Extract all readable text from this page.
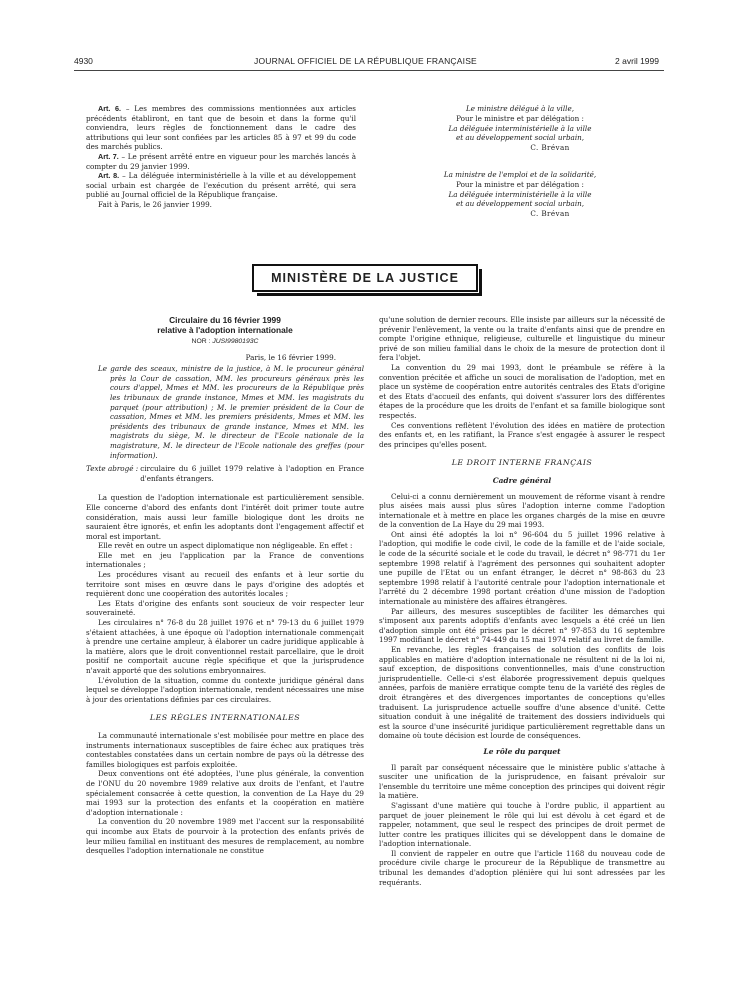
4930	JOURNAL OFFICIEL DE LA RÉPUBLIQUE FRANÇAISE	2 avril 1999

Art. 6. – Les membres des commissions mentionnées aux articles précédents établiront, en tant que de besoin et dans la forme qu'il conviendra, leurs règles de fonctionnement dans le cadre des attributions qui leur sont confiées par les articles 85 à 97 et 99 du code des marchés publics.

Art. 7. – Le présent arrêté entre en vigueur pour les marchés lancés à compter du 29 janvier 1999.

Art. 8. – La déléguée interministérielle à la ville et au développement social urbain est chargée de l'exécution du présent arrêté, qui sera publié au Journal officiel de la République française.

Fait à Paris, le 26 janvier 1999.

Le ministre délégué à la ville,
Pour le ministre et par délégation :
La déléguée interministérielle à la ville
et au développement social urbain,
C. Brévan
La ministre de l'emploi et de la solidarité,
Pour la ministre et par délégation :
La déléguée interministérielle à la ville
et au développement social urbain,
C. Brévan
MINISTÈRE DE LA JUSTICE
Circulaire du 16 février 1999
relative à l'adoption internationale
NOR : JUSI9980193C
Paris, le 16 février 1999.
Le garde des sceaux, ministre de la justice, à M. le procureur général près la Cour de cassation, MM. les procureurs généraux près les cours d'appel, Mmes et MM. les procureurs de la République près les tribunaux de grande instance, Mmes et MM. les magistrats du parquet (pour attribution) ; M. le premier président de la Cour de cassation, Mmes et MM. les premiers présidents, Mmes et MM. les présidents des tribunaux de grande instance, Mmes et MM. les magistrats du siège, M. le directeur de l'Ecole nationale de la magistrature, M. le directeur de l'Ecole nationale des greffes (pour information).
Texte abrogé : circulaire du 6 juillet 1979 relative à l'adoption en France d'enfants étrangers.

La question de l'adoption internationale est particulièrement sensible. Elle concerne d'abord des enfants dont l'intérêt doit primer toute autre considération, mais aussi leur famille biologique dont les droits ne sauraient être ignorés, et enfin les adoptants dont l'engagement affectif et moral est important.

Elle revêt en outre un aspect diplomatique non négligeable. En effet :

Elle met en jeu l'application par la France de conventions internationales ;

Les procédures visant au recueil des enfants et à leur sortie du territoire sont mises en œuvre dans le pays d'origine des adoptés et requièrent donc une coopération des autorités locales ;

Les Etats d'origine des enfants sont soucieux de voir respecter leur souveraineté.

Les circulaires n° 76-8 du 28 juillet 1976 et n° 79-13 du 6 juillet 1979 s'étaient attachées, à une époque où l'adoption internationale commençait à prendre une certaine ampleur, à élaborer un cadre juridique applicable à la matière, alors que le droit conventionnel restait parcellaire, que le droit positif ne comportait aucune règle spécifique et que la jurisprudence n'avait apporté que des solutions embryonnaires.

L'évolution de la situation, comme du contexte juridique général dans lequel se développe l'adoption internationale, rendent nécessaires une mise à jour des orientations définies par ces circulaires.

LES RÈGLES INTERNATIONALES

La communauté internationale s'est mobilisée pour mettre en place des instruments internationaux susceptibles de faire échec aux pratiques très contestables constatées dans un certain nombre de pays où la détresse des familles biologiques est parfois exploitée.

Deux conventions ont été adoptées, l'une plus générale, la convention de l'ONU du 20 novembre 1989 relative aux droits de l'enfant, et l'autre spécialement consacrée à cette question, la convention de La Haye du 29 mai 1993 sur la protection des enfants et la coopération en matière d'adoption internationale :

La convention du 20 novembre 1989 met l'accent sur la responsabilité qui incombe aux Etats de pourvoir à la protection des enfants privés de leur milieu familial en instituant des mesures de remplacement, au nombre desquelles l'adoption internationale ne constitue

qu'une solution de dernier recours. Elle insiste par ailleurs sur la nécessité de prévenir l'enlèvement, la vente ou la traite d'enfants ainsi que de prendre en compte l'origine ethnique, religieuse, culturelle et linguistique du mineur privé de son milieu familial dans le choix de la mesure de protection dont il fera l'objet.

La convention du 29 mai 1993, dont le préambule se réfère à la convention précitée et affiche un souci de moralisation de l'adoption, met en place un système de coopération entre autorités centrales des Etats d'origine et des Etats d'accueil des enfants, qui doivent s'assurer lors des différentes étapes de la procédure que les droits de l'enfant et sa famille biologique sont respectés.

Ces conventions reflètent l'évolution des idées en matière de protection des enfants et, en les ratifiant, la France s'est engagée à assurer le respect des principes qu'elles posent.

LE DROIT INTERNE FRANÇAIS
Cadre général

Celui-ci a connu dernièrement un mouvement de réforme visant à rendre plus aisées mais aussi plus sûres l'adoption interne comme l'adoption internationale et à mettre en place les organes chargés de la mise en œuvre de la convention de La Haye du 29 mai 1993.

Ont ainsi été adoptés la loi n° 96-604 du 5 juillet 1996 relative à l'adoption, qui modifie le code civil, le code de la famille et de l'aide sociale, le code de la sécurité sociale et le code du travail, le décret n° 98-771 du 1er septembre 1998 relatif à l'agrément des personnes qui souhaitent adopter une pupille de l'Etat ou un enfant étranger, le décret n° 98-863 du 23 septembre 1998 relatif à l'autorité centrale pour l'adoption internationale et l'arrêté du 2 décembre 1998 portant création d'une mission de l'adoption internationale au ministère des affaires étrangères.

Par ailleurs, des mesures susceptibles de faciliter les démarches qui s'imposent aux parents adoptifs d'enfants avec lesquels a été créé un lien d'adoption simple ont été prises par le décret n° 97-853 du 16 septembre 1997 modifiant le décret n° 74-449 du 15 mai 1974 relatif au livret de famille.

En revanche, les règles françaises de solution des conflits de lois applicables en matière d'adoption internationale ne résultent ni de la loi ni, sauf exception, de dispositions conventionnelles, mais d'une construction jurisprudentielle. Celle-ci s'est élaborée progressivement depuis quelques années, parfois de manière erratique compte tenu de la variété des règles de droit étrangères et des divergences importantes de conceptions qu'elles traduisent. La jurisprudence actuelle souffre d'une absence d'unité. Cette situation conduit à une inégalité de traitement des dossiers individuels qui est la source d'une insécurité juridique particulièrement regrettable dans un domaine où toute décision est lourde de conséquences.

Le rôle du parquet

Il paraît par conséquent nécessaire que le ministère public s'attache à susciter une unification de la jurisprudence, en faisant prévaloir sur l'ensemble du territoire une même conception des principes qui doivent régir la matière.

S'agissant d'une matière qui touche à l'ordre public, il appartient au parquet de jouer pleinement le rôle qui lui est dévolu à cet égard et de rappeler, notamment, que seul le respect des principes de droit permet de lutter contre les pratiques illicites qui se développent dans le domaine de l'adoption internationale.

Il convient de rappeler en outre que l'article 1168 du nouveau code de procédure civile charge le procureur de la République de transmettre au tribunal les demandes d'adoption plénière qui lui sont adressées par les requérants.
